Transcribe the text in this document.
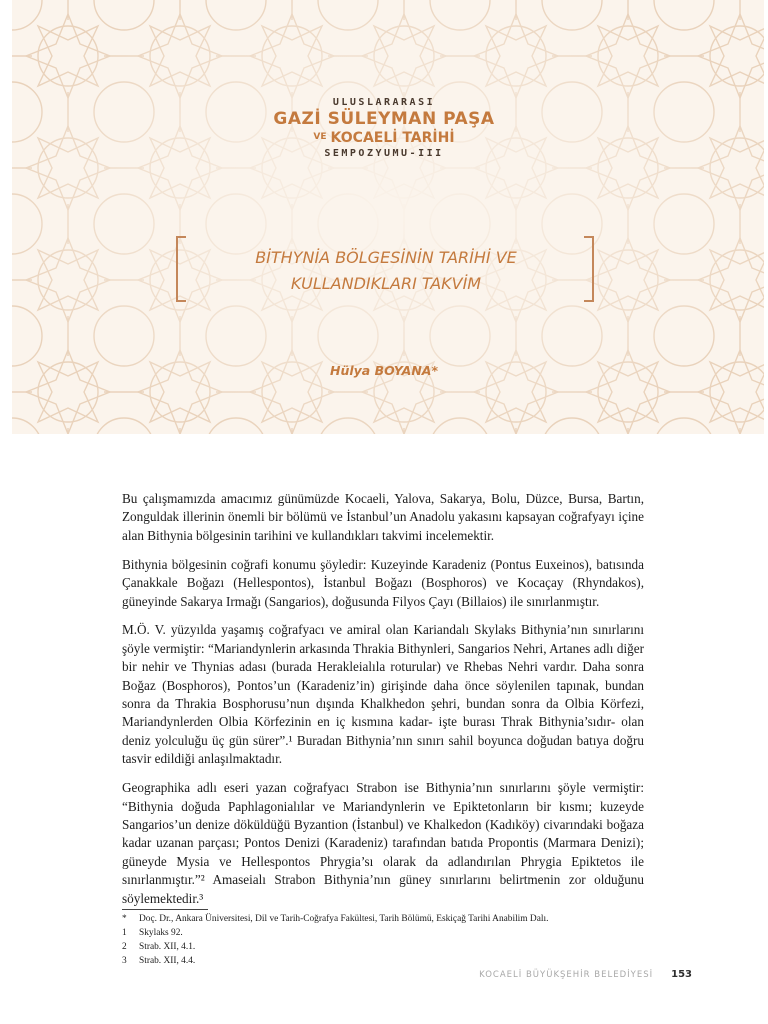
ULUSLARARASI
GAZİ SÜLEYMAN PAŞA
$^{VE}$ KOCAELİ TARİHİ
SEMPOZYUMU-III
BİTHYNİA BÖLGESİNİN TARİHİ VE
KULLANDIKLARI TAKVİM
Hülya BOYANA*

Bu çalışmamızda amacımız günümüzde Kocaeli, Yalova, Sakarya, Bolu, Düzce, Bursa, Bartın, Zonguldak illerinin önemli bir bölümü ve İstanbul’un Anadolu yakasını kapsayan coğrafyayı içine alan Bithynia bölgesinin tarihini ve kullandıkları takvimi incelemektir.

Bithynia bölgesinin coğrafi konumu şöyledir: Kuzeyinde Karadeniz (Pontus Euxeinos), batısında Çanakkale Boğazı (Hellespontos), İstanbul Boğazı (Bosphoros) ve Kocaçay (Rhyndakos), güneyinde Sakarya Irmağı (Sangarios), doğusunda Filyos Çayı (Billaios) ile sınırlanmıştır.

M.Ö. V. yüzyılda yaşamış coğrafyacı ve amiral olan Kariandalı Skylaks Bithynia’nın sınırlarını şöyle vermiştir: “Mariandynlerin arkasında Thrakia Bithynleri, Sangarios Nehri, Artanes adlı diğer bir nehir ve Thynias adası (burada Herakleialıla roturular) ve Rhebas Nehri vardır. Daha sonra Boğaz (Bosphoros), Pontos’un (Karadeniz’in) girişinde daha önce söylenilen tapınak, bundan sonra da Thrakia Bosphorusu’nun dışında Khalkhedon şehri, bundan sonra da Olbia Körfezi, Mariandynlerden Olbia Körfezinin en iç kısmına kadar- işte burası Thrak Bithynia’sıdır- olan deniz yolculuğu üç gün sürer”.¹ Buradan Bithynia’nın sınırı sahil boyunca doğudan batıya doğru tasvir edildiği anlaşılmaktadır.

Geographika adlı eseri yazan coğrafyacı Strabon ise Bithynia’nın sınırlarını şöyle vermiştir: “Bithynia doğuda Paphlagonialılar ve Mariandynlerin ve Epiktetonların bir kısmı; kuzeyde Sangarios’un denize döküldüğü Byzantion (İstanbul) ve Khalkedon (Kadıköy) civarındaki boğaza kadar uzanan parçası; Pontos Denizi (Karadeniz) tarafından batıda Propontis (Marmara Denizi); güneyde Mysia ve Hellespontos Phrygia’sı olarak da adlandırılan Phrygia Epiktetos ile sınırlanmıştır.”² Amaseialı Strabon Bithynia’nın güney sınırlarını belirtmenin zor olduğunu söylemektedir.³

*	Doç. Dr., Ankara Üniversitesi, Dil ve Tarih-Coğrafya Fakültesi, Tarih Bölümü, Eskiçağ Tarihi Anabilim Dalı.
1	Skylaks 92.
2	Strab. XII, 4.1.
3	Strab. XII, 4.4.
KOCAELİ BÜYÜKŞEHİR BELEDİYESİ 153
